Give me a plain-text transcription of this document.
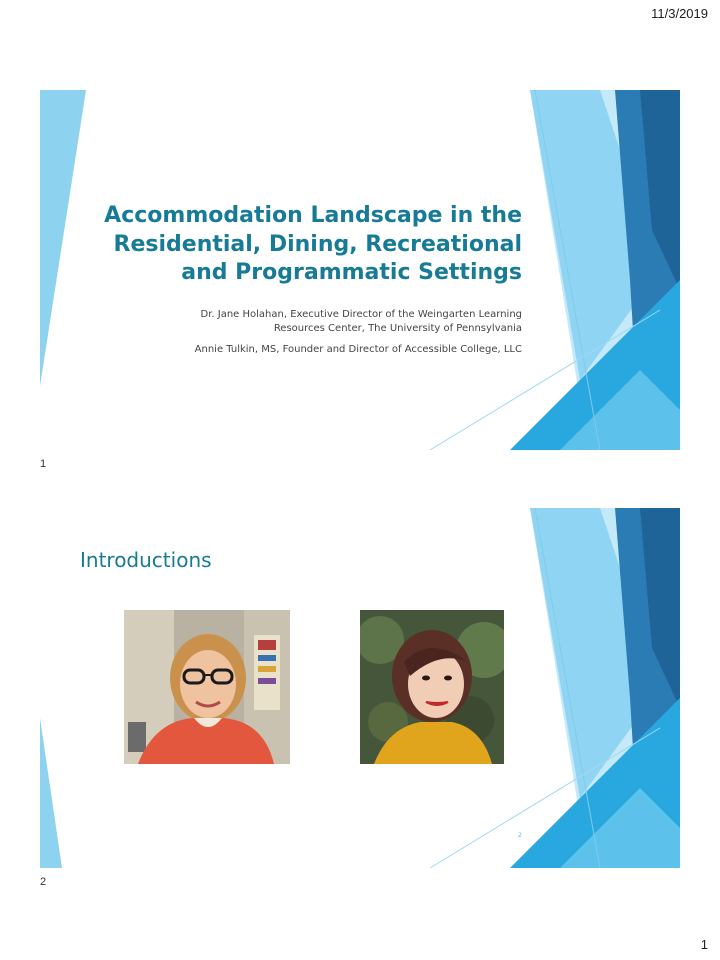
11/3/2019
Accommodation Landscape in the
Residential, Dining, Recreational
and Programmatic Settings
Dr. Jane Holahan, Executive Director of the Weingarten Learning
Resources Center, The University of Pennsylvania
Annie Tulkin, MS, Founder and Director of Accessible College, LLC
1
Introductions
2
2
1
